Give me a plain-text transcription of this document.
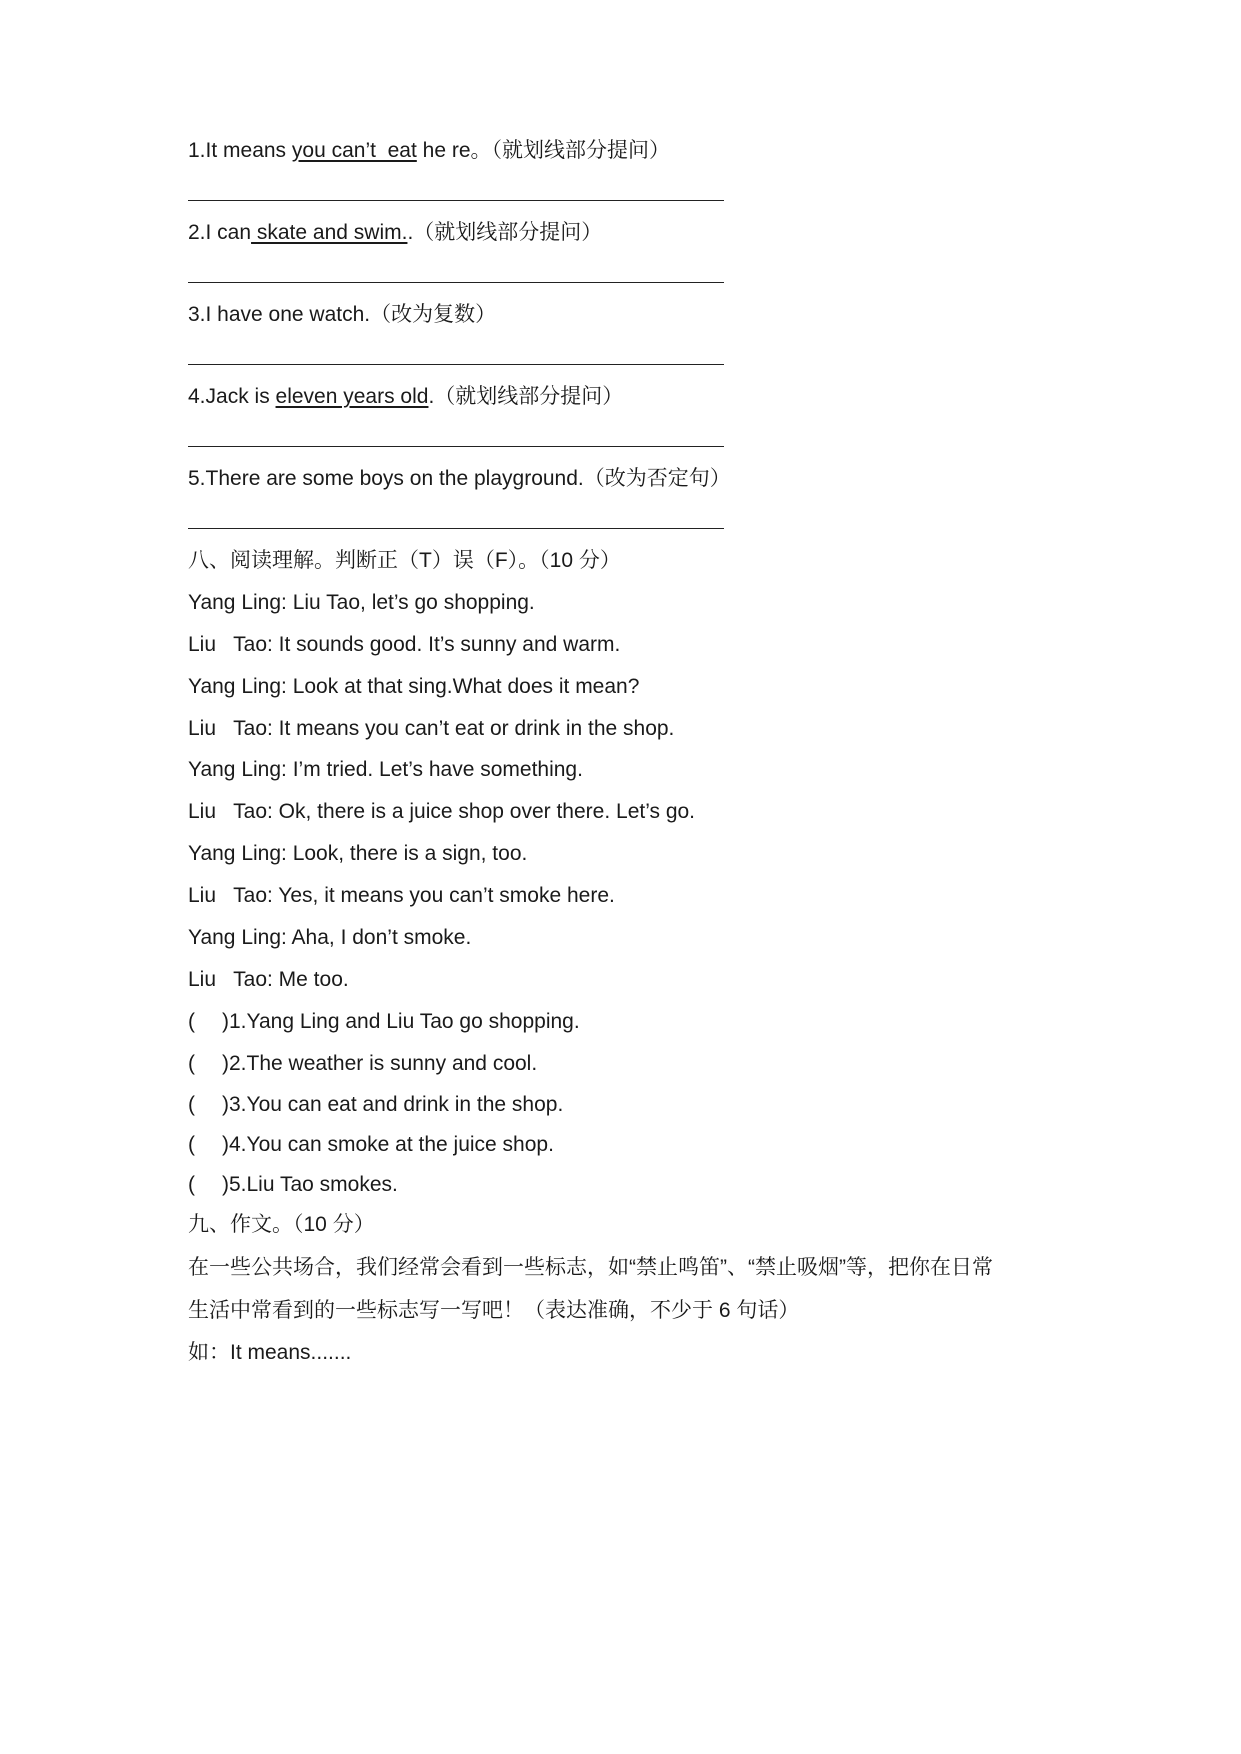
1.It means you can’t  eat he re。（就划线部分提问）
2.I can skate and swim..（就划线部分提问）
3.I have one watch.（改为复数）
4.Jack is eleven years old.（就划线部分提问）
5.There are some boys on the playground.（改为否定句）
八、阅读理解。判断正（T）误（F）。（10 分）
Yang Ling: Liu Tao, let’s go shopping.
Liu   Tao: It sounds good. It’s sunny and warm.
Yang Ling: Look at that sing.What does it mean?
Liu   Tao: It means you can’t eat or drink in the shop.
Yang Ling: I’m tried. Let’s have something.
Liu   Tao: Ok, there is a juice shop over there. Let’s go.
Yang Ling: Look, there is a sign, too.
Liu   Tao: Yes, it means you can’t smoke here.
Yang Ling: Aha, I don’t smoke.
Liu   Tao: Me too.
( )1.Yang Ling and Liu Tao go shopping.
( )2.The weather is sunny and cool.
( )3.You can eat and drink in the shop.
( )4.You can smoke at the juice shop.
( )5.Liu Tao smokes.
九、作文。（10 分）
在一些公共场合，我们经常会看到一些标志，如“禁止鸣笛”、“禁止吸烟”等，把你在日常
生活中常看到的一些标志写一写吧！（表达准确，不少于 6 句话）
如：It means.......
